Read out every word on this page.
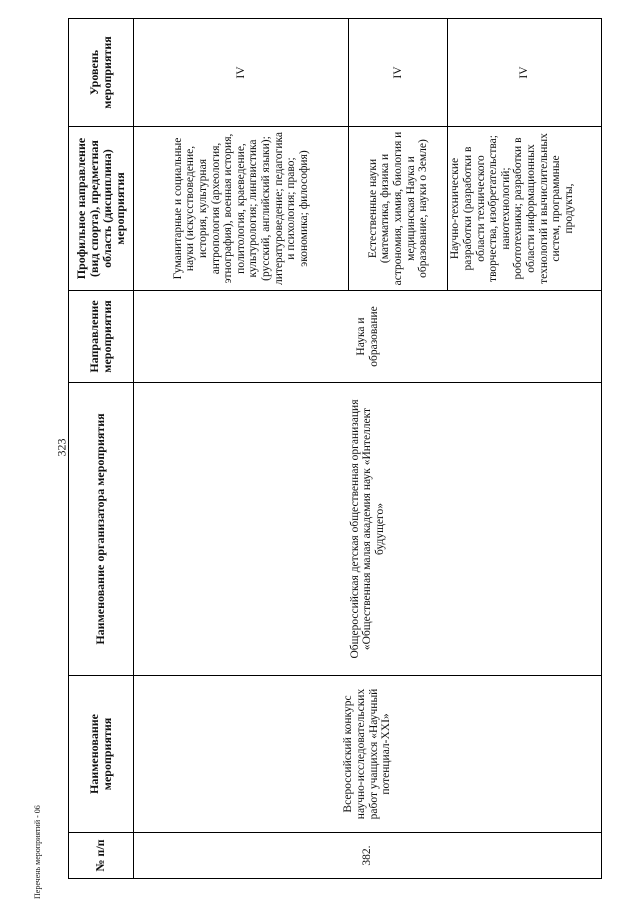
323
Перечень мероприятий - 06	№ п/п	Наименование мероприятия	Наименование организатора мероприятия	Направление мероприятия	Профильное направление (вид спорта), предметная область (дисциплина) мероприятия	Уровень мероприятия
382.	Всероссийский конкурс научно-исследовательских работ учащихся «Научный потенциал-XXI»	Общероссийская детская общественная организация «Общественная малая академия наук «Интеллект будущего»	Наука и образование	Гуманитарные и социальные науки (искусствоведение, история, культурная антропология (археология, этнография), военная история, политология, краеведение, культурология; лингвистика (русский, английский языки); литературоведение; педагогика и психология; право; экономика; философия)	IV
				Естественные науки (математика, физика и астрономия, химия, биология и медицинская Наука и образование, науки о Земле)	IV
				Научно-технические разработки (разработки в области технического творчества, изобретательства; нанотехнологий; робототехники; разработки в области информационных технологий и вычислительных систем, программные продукты,	IV
